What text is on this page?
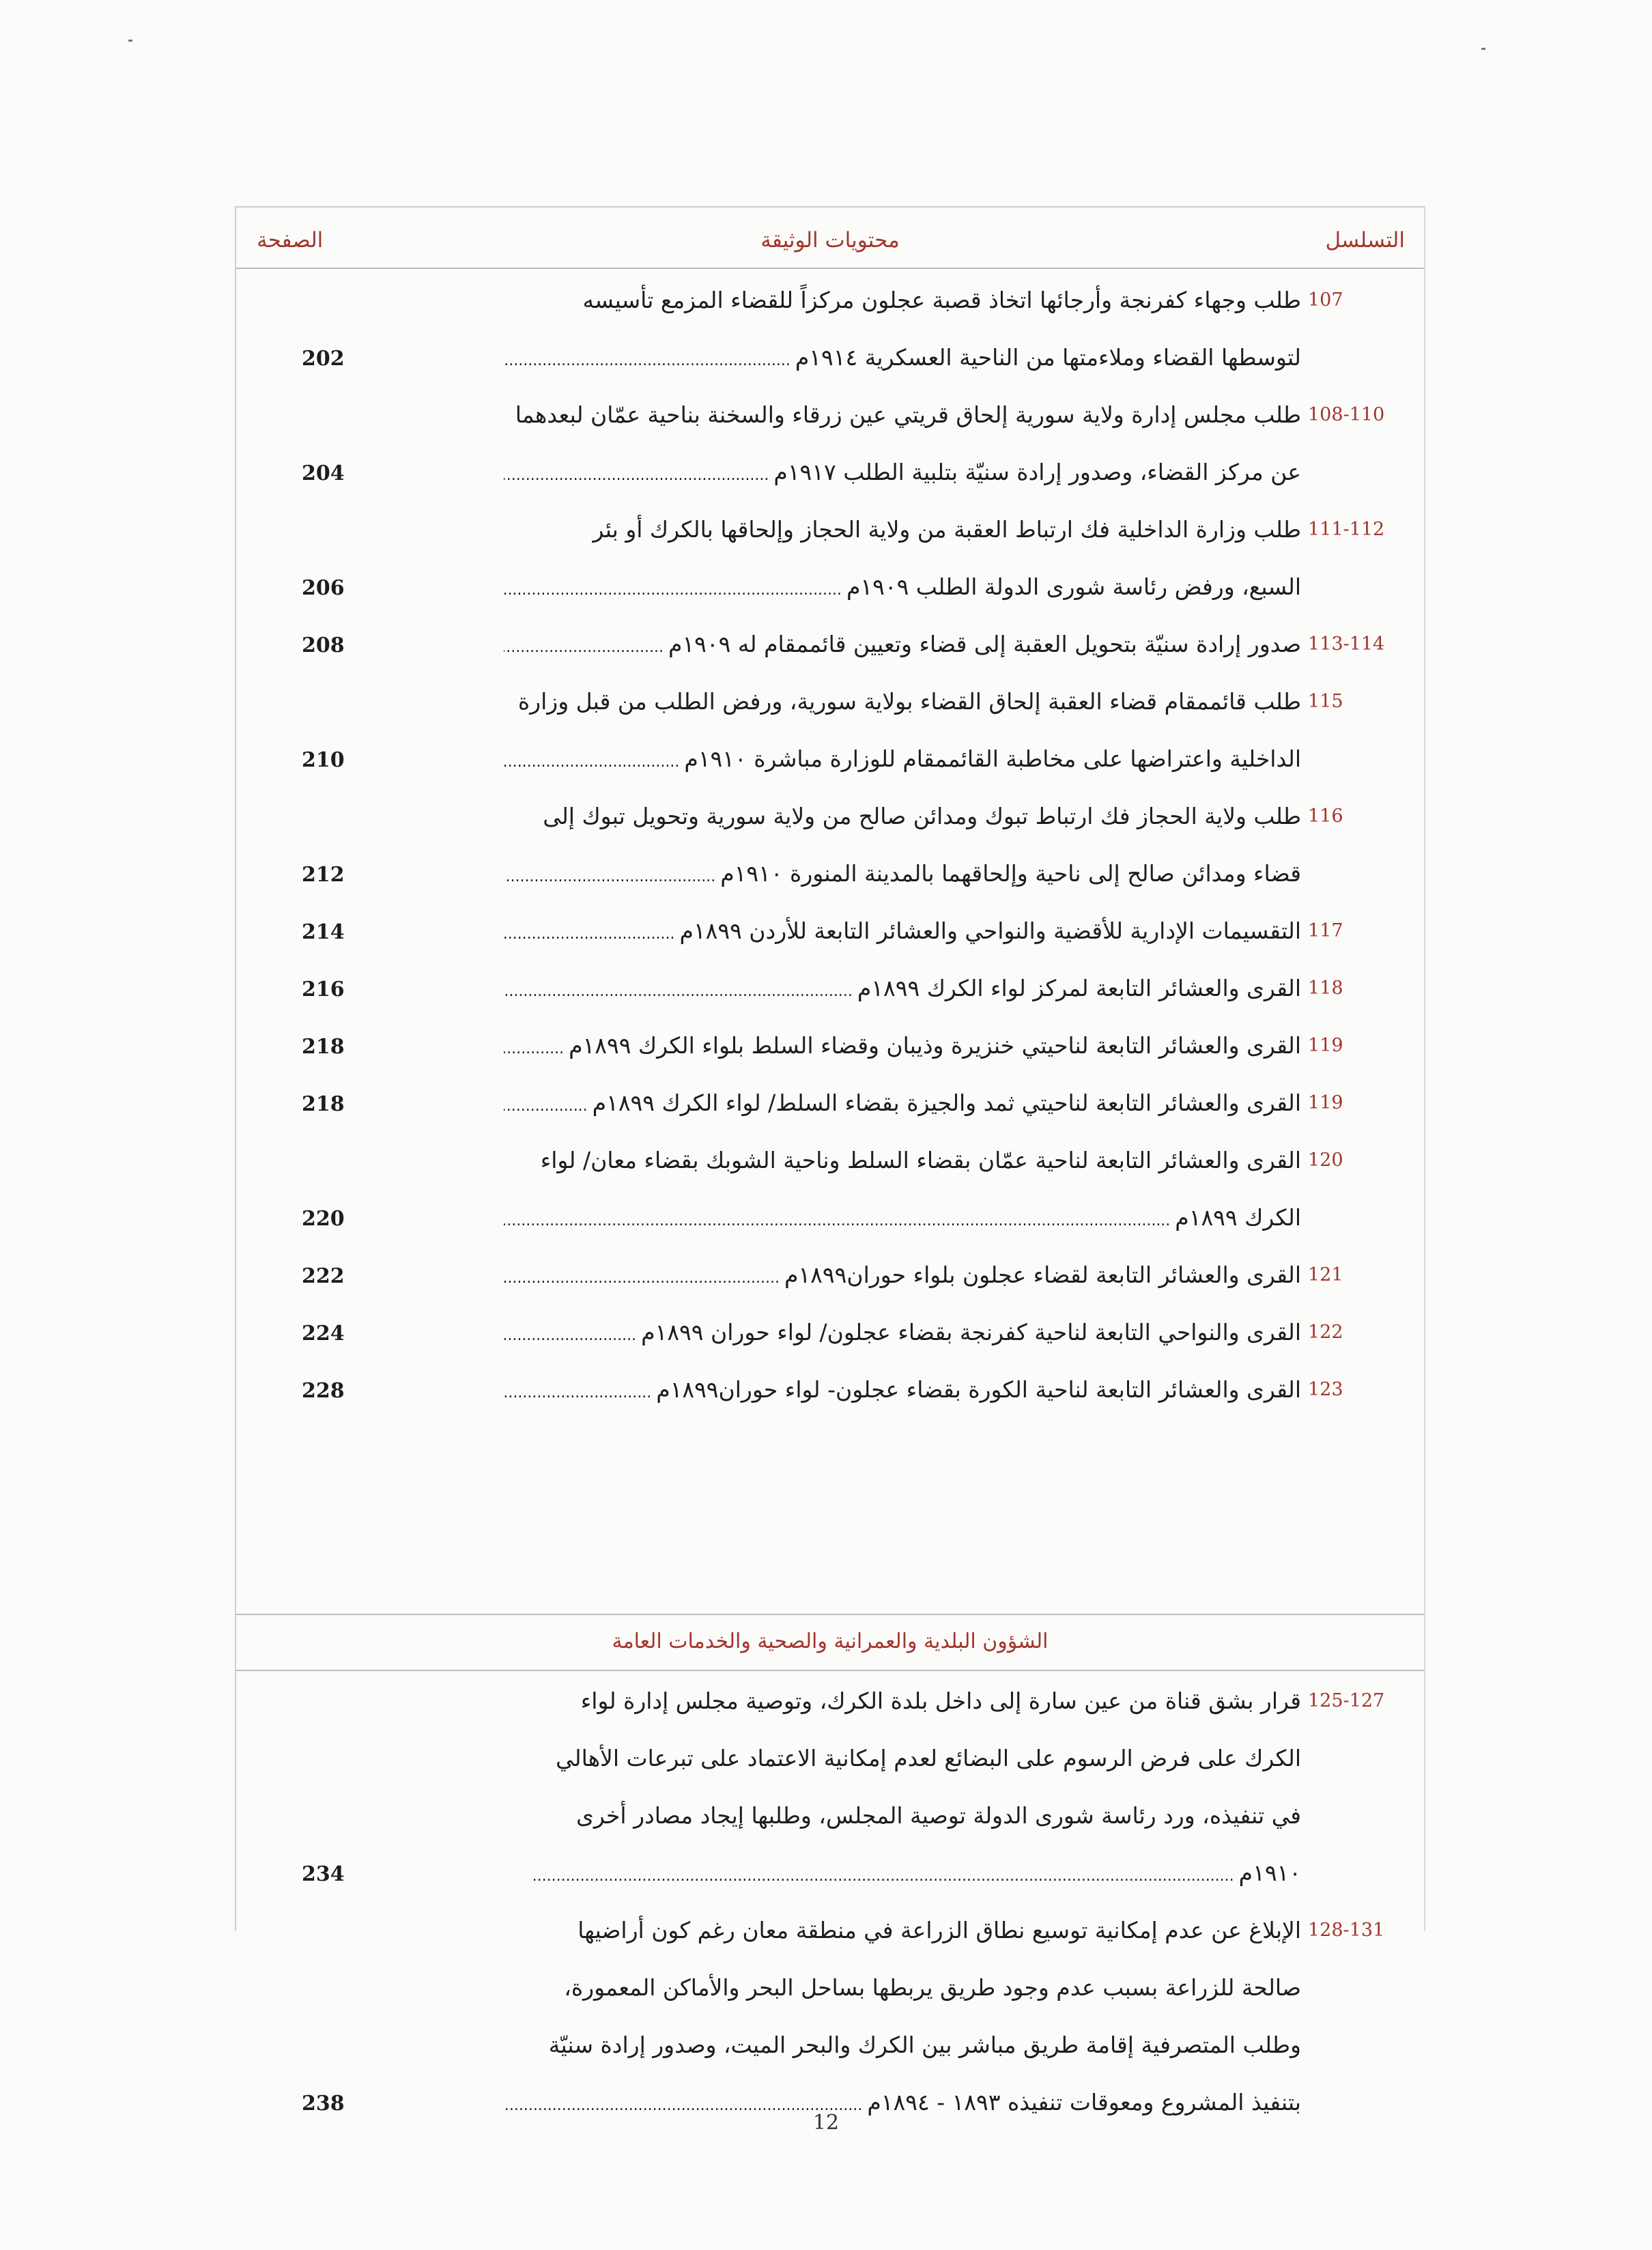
التسلسل
محتويات الوثيقة
الصفحة
107
طلب وجهاء كفرنجة وأرجائها اتخاذ قصبة عجلون مركزاً للقضاء المزمع تأسيسه
لتوسطها القضاء وملاءمتها من الناحية العسكرية ١٩١٤م .....
202
108-110
طلب مجلس إدارة ولاية سورية إلحاق قريتي عين زرقاء والسخنة بناحية عمّان لبعدهما
عن مركز القضاء، وصدور إرادة سنيّة بتلبية الطلب ١٩١٧م .....
204
111-112
طلب وزارة الداخلية فك ارتباط العقبة من ولاية الحجاز وإلحاقها بالكرك أو بئر
السبع، ورفض رئاسة شورى الدولة الطلب ١٩٠٩م .....
206
113-114
صدور إرادة سنيّة بتحويل العقبة إلى قضاء وتعيين قائممقام له ١٩٠٩م .....
208
115
طلب قائممقام قضاء العقبة إلحاق القضاء بولاية سورية، ورفض الطلب من قبل وزارة
الداخلية واعتراضها على مخاطبة القائممقام للوزارة مباشرة ١٩١٠م .....
210
116
طلب ولاية الحجاز فك ارتباط تبوك ومدائن صالح من ولاية سورية وتحويل تبوك إلى
قضاء ومدائن صالح إلى ناحية وإلحاقهما بالمدينة المنورة ١٩١٠م .....
212
117
التقسيمات الإدارية للأقضية والنواحي والعشائر التابعة للأردن ١٨٩٩م .....
214
118
القرى والعشائر التابعة لمركز لواء الكرك ١٨٩٩م .....
216
119
القرى والعشائر التابعة لناحيتي خنزيرة وذيبان وقضاء السلط بلواء الكرك ١٨٩٩م .....
218
119
القرى والعشائر التابعة لناحيتي ثمد والجيزة بقضاء السلط/ لواء الكرك ١٨٩٩م .....
218
120
القرى والعشائر التابعة لناحية عمّان بقضاء السلط وناحية الشوبك بقضاء معان/ لواء
الكرك ١٨٩٩م .....
220
121
القرى والعشائر التابعة لقضاء عجلون بلواء حوران١٨٩٩م .....
222
122
القرى والنواحي التابعة لناحية كفرنجة بقضاء عجلون/ لواء حوران ١٨٩٩م .....
224
123
القرى والعشائر التابعة لناحية الكورة بقضاء عجلون- لواء حوران١٨٩٩م .....
228
الشؤون البلدية والعمرانية والصحية والخدمات العامة
125-127
قرار بشق قناة من عين سارة إلى داخل بلدة الكرك، وتوصية مجلس إدارة لواء
الكرك على فرض الرسوم على البضائع لعدم إمكانية الاعتماد على تبرعات الأهالي
في تنفيذه، ورد رئاسة شورى الدولة توصية المجلس، وطلبها إيجاد مصادر أخرى
١٩١٠م .....
234
128-131
الإبلاغ عن عدم إمكانية توسيع نطاق الزراعة في منطقة معان رغم كون أراضيها
صالحة للزراعة بسبب عدم وجود طريق يربطها بساحل البحر والأماكن المعمورة،
وطلب المتصرفية إقامة طريق مباشر بين الكرك والبحر الميت، وصدور إرادة سنيّة
بتنفيذ المشروع ومعوقات تنفيذه ١٨٩٣ - ١٨٩٤م .....
238
12
